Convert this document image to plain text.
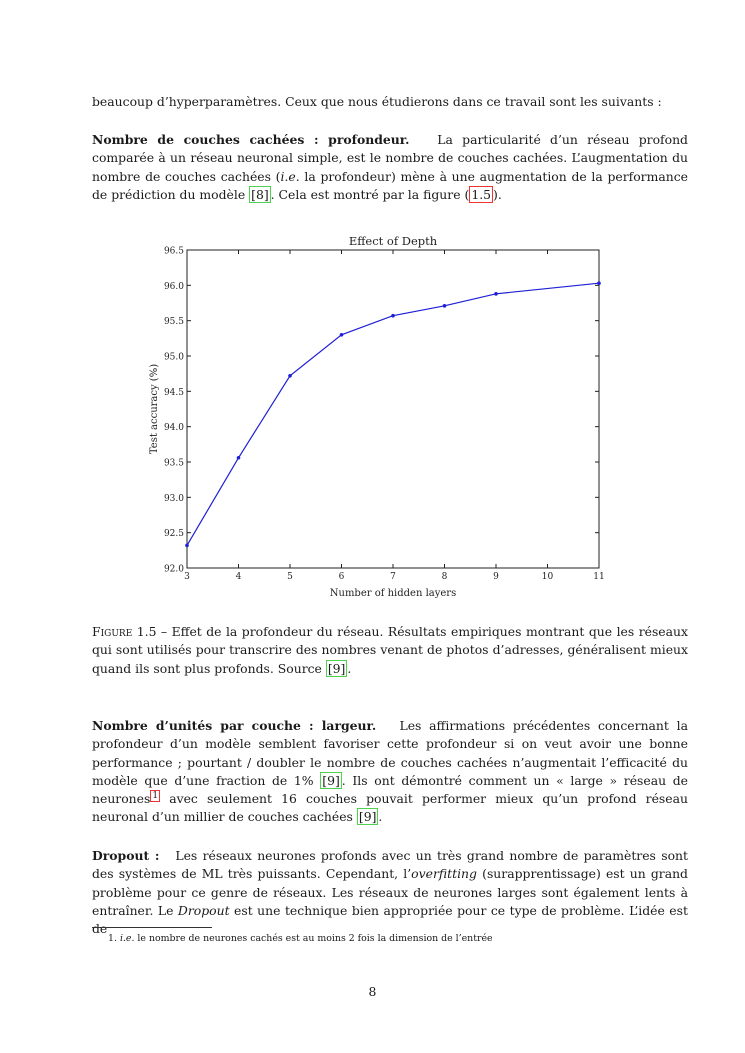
beaucoup d’hyperparamètres. Ceux que nous étudierons dans ce travail sont les suivants :

Nombre de couches cachées : profondeur. La particularité d’un réseau profond comparée à un réseau neuronal simple, est le nombre de couches cachées. L’augmentation du nombre de couches cachées (i.e. la profondeur) mène à une augmentation de la performance de prédiction du modèle [8] . Cela est montré par la figure ( 1.5 ).

Effect of Depth
92.0
92.5
93.0
93.5
94.0
94.5
95.0
95.5
96.0
96.5
3	4	5	6	7	8	9	10	11
Number of hidden layers
Test accuracy (%)

Figure 1.5 – Effet de la profondeur du réseau. Résultats empiriques montrant que les réseaux qui sont utilisés pour transcrire des nombres venant de photos d’adresses, généralisent mieux quand ils sont plus profonds. Source [9] .

Nombre d’unités par couche : largeur. Les affirmations précédentes concernant la profondeur d’un modèle semblent favoriser cette profondeur si on veut avoir une bonne performance ; pourtant / doubler le nombre de couches cachées n’augmentait l’efficacité du modèle que d’une fraction de 1% [9] . Ils ont démontré comment un « large » réseau de neurones $^1$ avec seulement 16 couches pouvait performer mieux qu’un profond réseau neuronal d’un millier de couches cachées [9] .

Dropout : Les réseaux neurones profonds avec un très grand nombre de paramètres sont des systèmes de ML très puissants. Cependant, l’overfitting (surapprentissage) est un grand problème pour ce genre de réseaux. Les réseaux de neurones larges sont également lents à entraîner. Le Dropout est une technique bien appropriée pour ce type de problème. L’idée est de

1. i.e. le nombre de neurones cachés est au moins 2 fois la dimension de l’entrée

8
